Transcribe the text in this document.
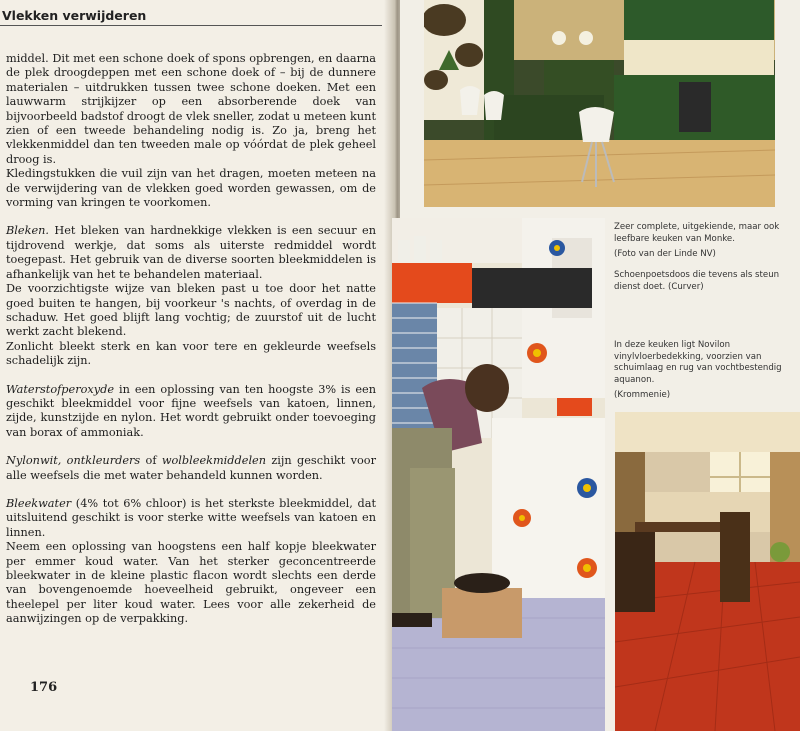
Vlekken verwijderen

middel. Dit met een schone doek of spons opbrengen, en daarna de plek droogdeppen met een schone doek of – bij de dunnere materialen – uitdrukken tussen twee schone doeken. Met een lauwwarm strijkijzer op een absorberende doek van bijvoorbeeld badstof droogt de vlek sneller, zodat u meteen kunt zien of een tweede behandeling nodig is. Zo ja, breng het vlekkenmiddel dan ten tweeden male op vóórdat de plek geheel droog is.

Kledingstukken die vuil zijn van het dragen, moeten meteen na de verwijdering van de vlekken goed worden gewassen, om de vorming van kringen te voorkomen.

Bleken. Het bleken van hardnekkige vlekken is een secuur en tijdrovend werkje, dat soms als uiterste redmiddel wordt toegepast. Het gebruik van de diverse soorten bleekmiddelen is afhankelijk van het te behandelen materiaal.

De voorzichtigste wijze van bleken past u toe door het natte goed buiten te hangen, bij voorkeur 's nachts, of overdag in de schaduw. Het goed blijft lang vochtig; de zuurstof uit de lucht werkt zacht blekend.

Zonlicht bleekt sterk en kan voor tere en gekleurde weefsels schadelijk zijn.

Waterstofperoxyde in een oplossing van ten hoogste 3% is een geschikt bleekmiddel voor fijne weefsels van katoen, linnen, zijde, kunstzijde en nylon. Het wordt gebruikt onder toevoeging van borax of ammoniak.

Nylonwit, ontkleurders of wolbleekmiddelen zijn geschikt voor alle weefsels die met water behandeld kunnen worden.

Bleekwater (4% tot 6% chloor) is het sterkste bleekmiddel, dat uitsluitend geschikt is voor sterke witte weefsels van katoen en linnen.

Neem een oplossing van hoogstens een half kopje bleekwater per emmer koud water. Van het sterker geconcentreerde bleekwater in de kleine plastic flacon wordt slechts een derde van bovengenoemde hoeveelheid gebruikt, ongeveer een theelepel per liter koud water. Lees voor alle zekerheid de aanwijzingen op de verpakking.

176

Zeer complete, uitgekiende, maar ook leefbare keuken van Monke.

(Foto van der Linde NV)

Schoenpoetsdoos die tevens als steun dienst doet. (Curver)

In deze keuken ligt Novilon vinylvloerbedekking, voorzien van schuimlaag en rug van vochtbestendig aquanon.

(Krommenie)
